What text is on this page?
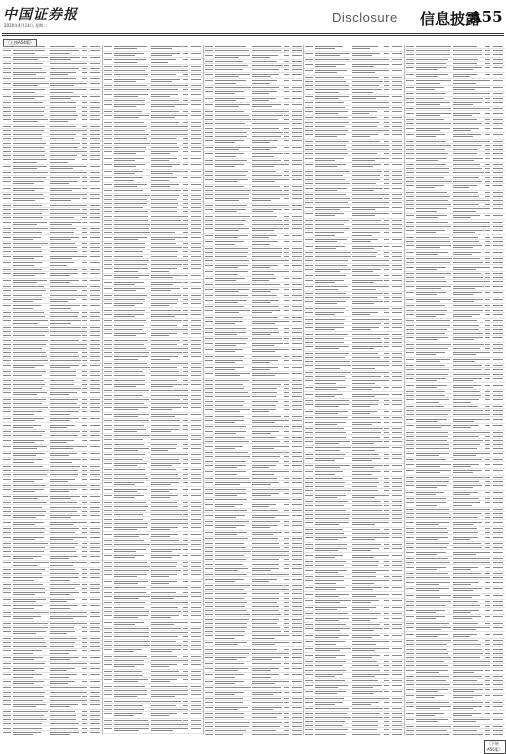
中国证券报
2020年4月14日 星期二
Disclosure 信息披露
A55
（上接A54版）
（下转A56版）
